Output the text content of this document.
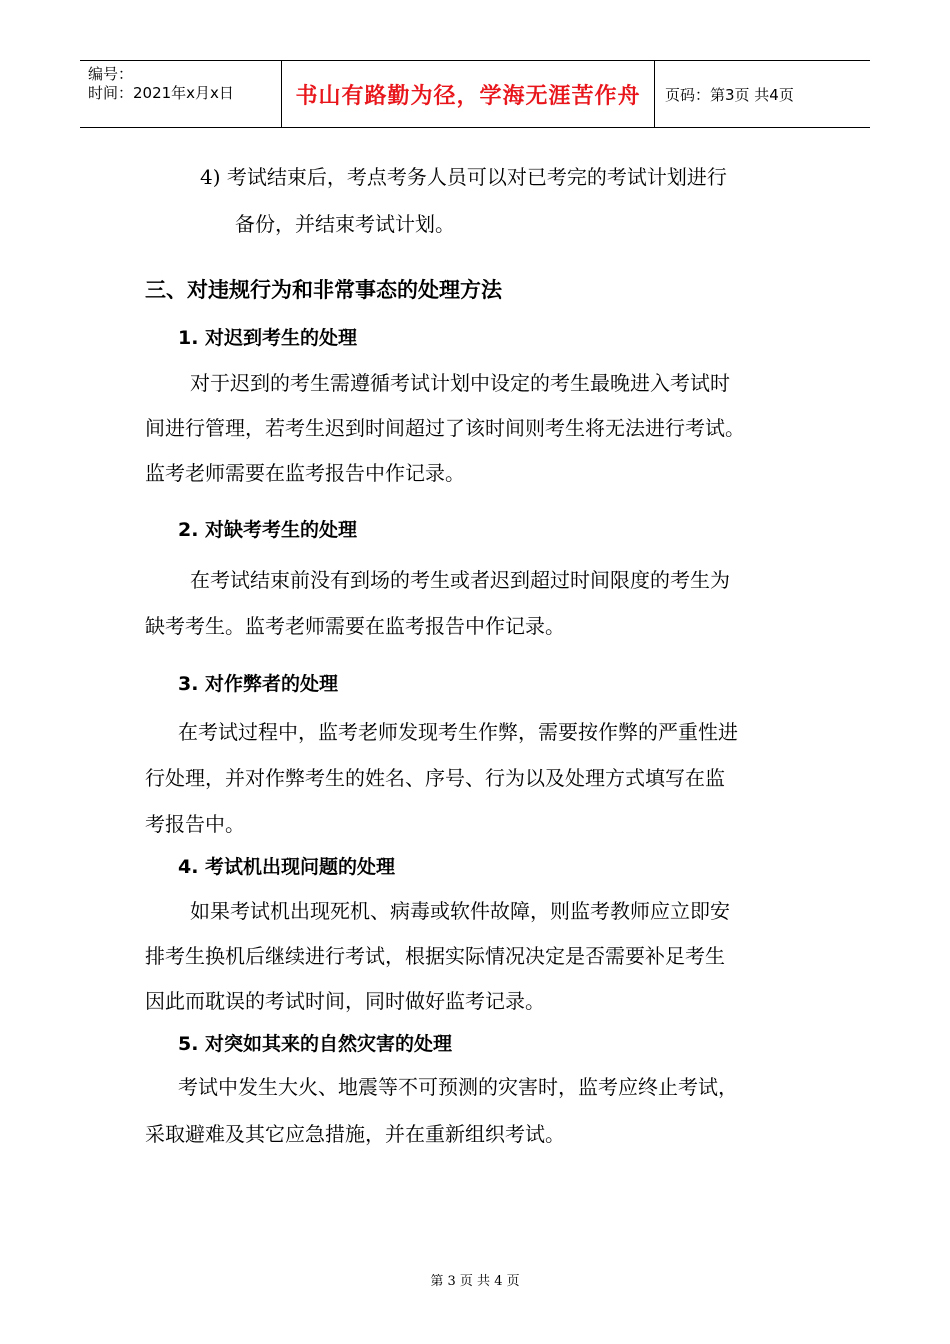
编号：
时间：2021年x月x日	书山有路勤为径，学海无涯苦作舟	页码：第3页 共4页
4) 考试结束后，考点考务人员可以对已考完的考试计划进行
备份，并结束考试计划。
三、对违规行为和非常事态的处理方法
1. 对迟到考生的处理
对于迟到的考生需遵循考试计划中设定的考生最晚进入考试时
间进行管理，若考生迟到时间超过了该时间则考生将无法进行考试。
监考老师需要在监考报告中作记录。
2. 对缺考考生的处理
在考试结束前没有到场的考生或者迟到超过时间限度的考生为
缺考考生。监考老师需要在监考报告中作记录。
3. 对作弊者的处理
在考试过程中，监考老师发现考生作弊，需要按作弊的严重性进
行处理，并对作弊考生的姓名、序号、行为以及处理方式填写在监
考报告中。
4. 考试机出现问题的处理
如果考试机出现死机、病毒或软件故障，则监考教师应立即安
排考生换机后继续进行考试，根据实际情况决定是否需要补足考生
因此而耽误的考试时间，同时做好监考记录。
5. 对突如其来的自然灾害的处理
考试中发生大火、地震等不可预测的灾害时，监考应终止考试，
采取避难及其它应急措施，并在重新组织考试。
第 3 页 共 4 页
